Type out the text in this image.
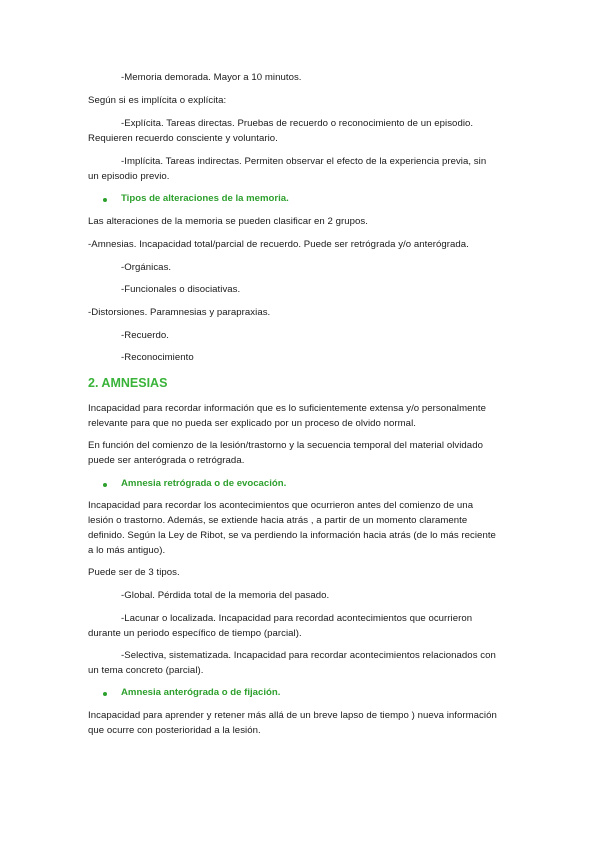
-Memoria demorada. Mayor a 10 minutos.
Según si es implícita o explícita:
-Explícita. Tareas directas. Pruebas de recuerdo o reconocimiento de un episodio.
Requieren recuerdo consciente y voluntario.
-Implícita. Tareas indirectas. Permiten observar el efecto de la experiencia previa, sin
un episodio previo.
Tipos de alteraciones de la memoria.
Las alteraciones de la memoria se pueden clasificar en 2 grupos.
-Amnesias. Incapacidad total/parcial de recuerdo. Puede ser retrógrada y/o anterógrada.
-Orgánicas.
-Funcionales o disociativas.
-Distorsiones. Paramnesias y parapraxias.
-Recuerdo.
-Reconocimiento
2. AMNESIAS
Incapacidad para recordar información que es lo suficientemente extensa y/o personalmente
relevante para que no pueda ser explicado por un proceso de olvido normal.
En función del comienzo de la lesión/trastorno y la secuencia temporal del material olvidado
puede ser anterógrada o retrógrada.
Amnesia retrógrada o de evocación.
Incapacidad para recordar los acontecimientos que ocurrieron antes del comienzo de una
lesión o trastorno. Además, se extiende hacia atrás , a partir de un momento claramente
definido. Según la Ley de Ribot, se va perdiendo la información hacia atrás (de lo más reciente
a lo más antiguo).
Puede ser de 3 tipos.
-Global. Pérdida total de la memoria del pasado.
-Lacunar o localizada. Incapacidad para recordad acontecimientos que ocurrieron
durante un periodo específico de tiempo (parcial).
-Selectiva, sistematizada. Incapacidad para recordar acontecimientos relacionados con
un tema concreto (parcial).
Amnesia anterógrada o de fijación.
Incapacidad para aprender y retener más allá de un breve lapso de tiempo ) nueva información
que ocurre con posterioridad a la lesión.
